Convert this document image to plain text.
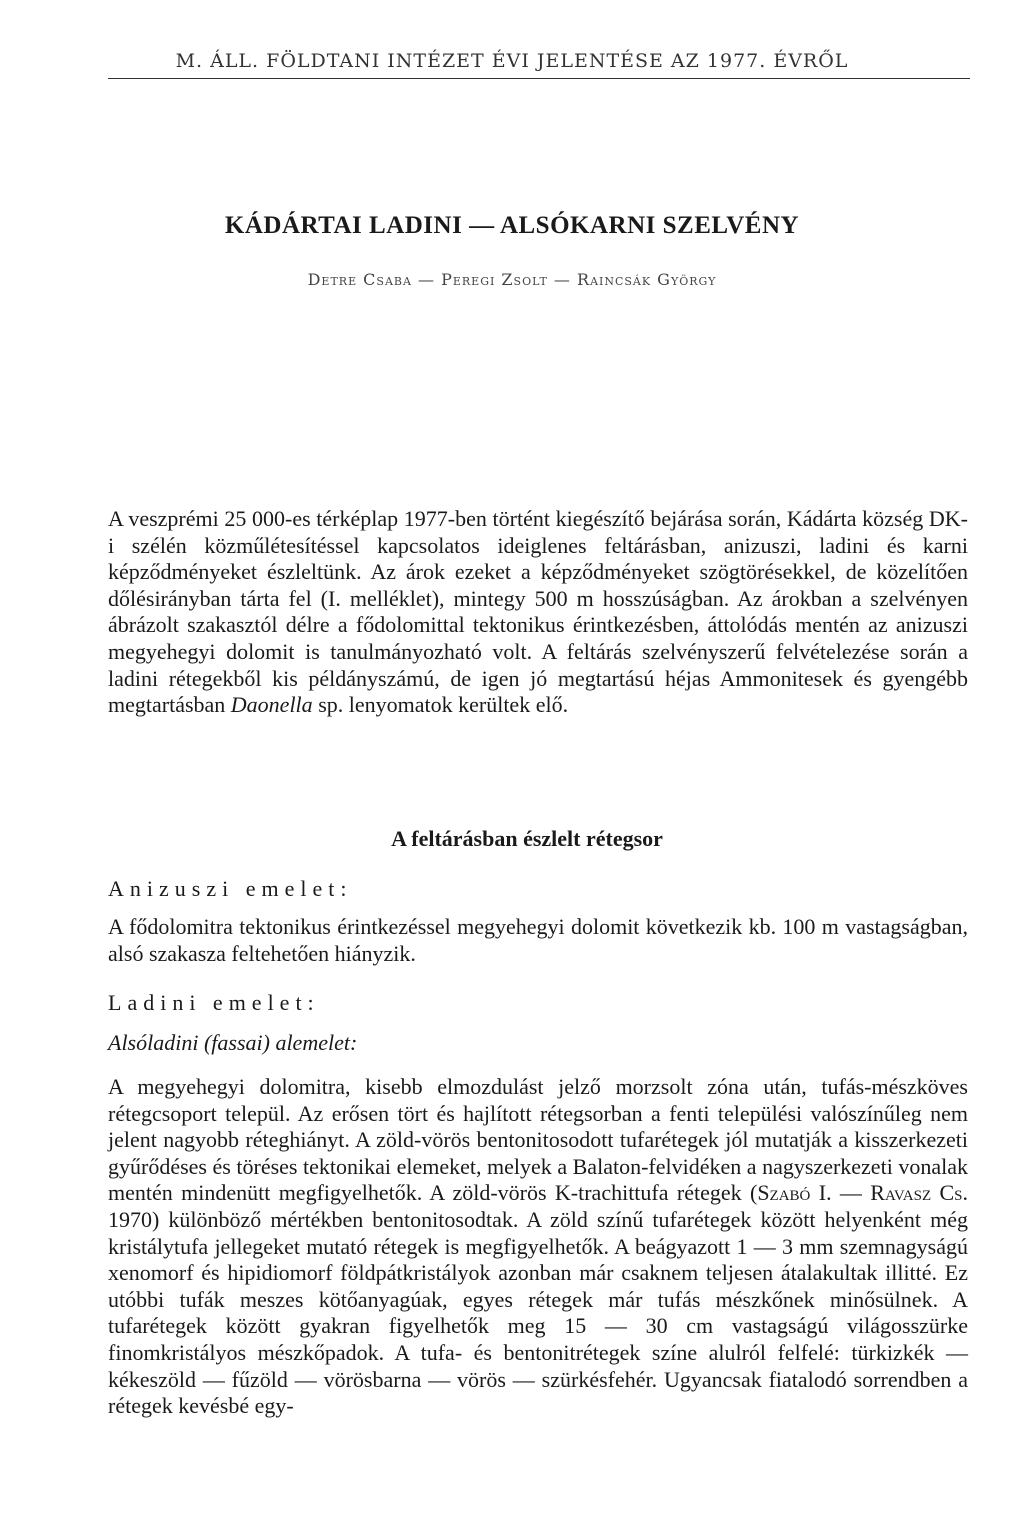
M. ÁLL. FÖLDTANI INTÉZET ÉVI JELENTÉSE AZ 1977. ÉVRŐL
KÁDÁRTAI LADINI — ALSÓKARNI SZELVÉNY
Detre Csaba — Peregi Zsolt — Raincsák György

A veszprémi 25 000-es térképlap 1977-ben történt kiegészítő bejárása során, Kádárta község DK-i szélén közműlétesítéssel kapcsolatos ideiglenes feltárásban, anizuszi, ladini és karni képződményeket észleltünk. Az árok ezeket a képződményeket szögtörésekkel, de közelítően dőlésirányban tárta fel (I. melléklet), mintegy 500 m hosszúságban. Az árokban a szelvényen ábrázolt szakasztól délre a fődolomittal tektonikus érintkezésben, áttolódás mentén az anizuszi megyehegyi dolomit is tanulmányozható volt. A feltárás szelvényszerű felvételezése során a ladini rétegekből kis példányszámú, de igen jó megtartású héjas Ammonitesek és gyengébb megtartásban Daonella sp. lenyomatok kerültek elő.

A feltárásban észlelt rétegsor
Anizuszi emelet:

A fődolomitra tektonikus érintkezéssel megyehegyi dolomit következik kb. 100 m vastagságban, alsó szakasza feltehetően hiányzik.

Ladini emelet:
Alsóladini (fassai) alemelet:

A megyehegyi dolomitra, kisebb elmozdulást jelző morzsolt zóna után, tufás-mészköves rétegcsoport települ. Az erősen tört és hajlított rétegsorban a fenti települési valószínűleg nem jelent nagyobb réteghiányt. A zöld-vörös bentonitosodott tufarétegek jól mutatják a kisszerkezeti gyűrődéses és töréses tektonikai elemeket, melyek a Balaton-felvidéken a nagyszerkezeti vonalak mentén mindenütt megfigyelhetők. A zöld-vörös K-trachittufa rétegek (Szabó I. — Ravasz Cs. 1970) különböző mértékben bentonitosodtak. A zöld színű tufarétegek között helyenként még kristálytufa jellegeket mutató rétegek is megfigyelhetők. A beágyazott 1 — 3 mm szemnagyságú xenomorf és hipidiomorf földpátkristályok azonban már csaknem teljesen átalakultak illitté. Ez utóbbi tufák meszes kötőanyagúak, egyes rétegek már tufás mészkőnek minősülnek. A tufarétegek között gyakran figyelhetők meg 15 — 30 cm vastagságú világosszürke finomkristályos mészkőpadok. A tufa- és bentonitrétegek színe alulról felfelé: türkizkék — kékeszöld — fűzöld — vörösbarna — vörös — szürkésfehér. Ugyancsak fiatalodó sorrendben a rétegek kevésbé egy-
